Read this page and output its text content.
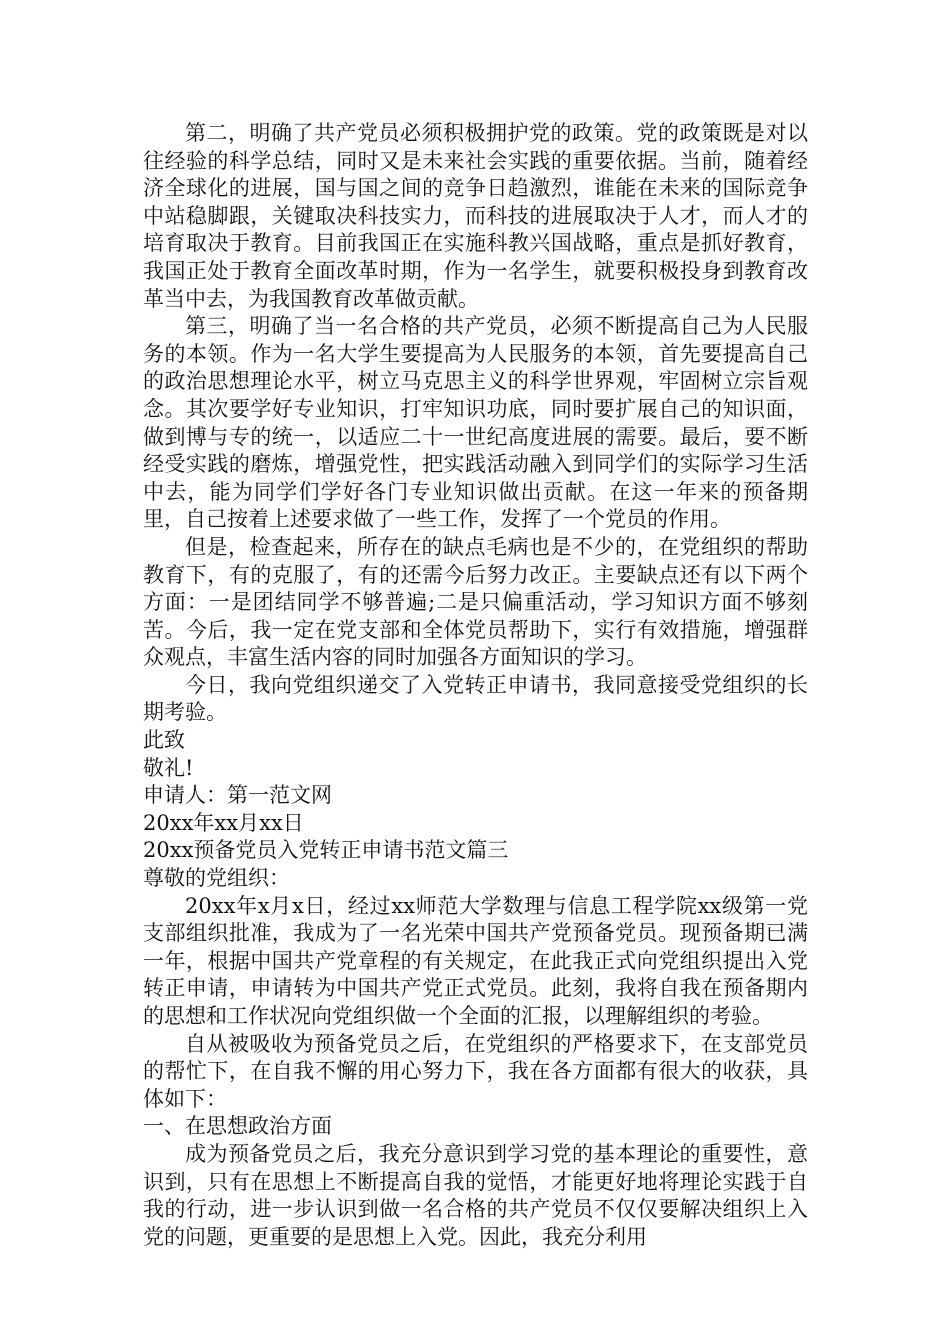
第二，明确了共产党员必须积极拥护党的政策。党的政策既是对以往经验的科学总结，同时又是未来社会实践的重要依据。当前，随着经济全球化的进展，国与国之间的竞争日趋激烈，谁能在未来的国际竞争中站稳脚跟，关键取决科技实力，而科技的进展取决于人才，而人才的培育取决于教育。目前我国正在实施科教兴国战略，重点是抓好教育，我国正处于教育全面改革时期，作为一名学生，就要积极投身到教育改革当中去，为我国教育改革做贡献。

第三，明确了当一名合格的共产党员，必须不断提高自己为人民服务的本领。作为一名大学生要提高为人民服务的本领，首先要提高自己的政治思想理论水平，树立马克思主义的科学世界观，牢固树立宗旨观念。其次要学好专业知识，打牢知识功底，同时要扩展自己的知识面，做到博与专的统一，以适应二十一世纪高度进展的需要。最后，要不断经受实践的磨炼，增强党性，把实践活动融入到同学们的实际学习生活中去，能为同学们学好各门专业知识做出贡献。在这一年来的预备期里，自己按着上述要求做了一些工作，发挥了一个党员的作用。

但是，检查起来，所存在的缺点毛病也是不少的，在党组织的帮助教育下，有的克服了，有的还需今后努力改正。主要缺点还有以下两个方面：一是团结同学不够普遍;二是只偏重活动，学习知识方面不够刻苦。今后，我一定在党支部和全体党员帮助下，实行有效措施，增强群众观点，丰富生活内容的同时加强各方面知识的学习。

今日，我向党组织递交了入党转正申请书，我同意接受党组织的长期考验。

此致

敬礼!

申请人：第一范文网

20xx年xx月xx日

20xx预备党员入党转正申请书范文篇三

尊敬的党组织：

20xx年x月x日，经过xx师范大学数理与信息工程学院xx级第一党支部组织批准，我成为了一名光荣中国共产党预备党员。现预备期已满一年，根据中国共产党章程的有关规定，在此我正式向党组织提出入党转正申请，申请转为中国共产党正式党员。此刻，我将自我在预备期内的思想和工作状况向党组织做一个全面的汇报，以理解组织的考验。

自从被吸收为预备党员之后，在党组织的严格要求下，在支部党员的帮忙下，在自我不懈的用心努力下，我在各方面都有很大的收获，具体如下：

一、在思想政治方面

成为预备党员之后，我充分意识到学习党的基本理论的重要性，意识到，只有在思想上不断提高自我的觉悟，才能更好地将理论实践于自我的行动，进一步认识到做一名合格的共产党员不仅仅要解决组织上入党的问题，更重要的是思想上入党。因此，我充分利用
